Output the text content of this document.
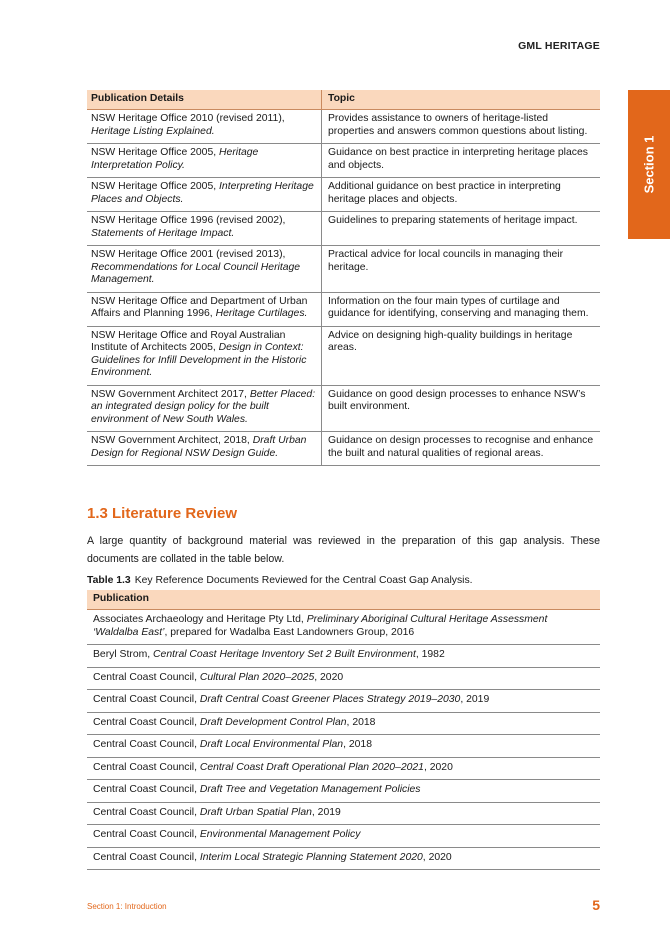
GML HERITAGE
Section 1
Publication Details	Topic
NSW Heritage Office 2010 (revised 2011), Heritage Listing Explained.	Provides assistance to owners of heritage-listed properties and answers common questions about listing.
NSW Heritage Office 2005, Heritage Interpretation Policy.	Guidance on best practice in interpreting heritage places and objects.
NSW Heritage Office 2005, Interpreting Heritage Places and Objects.	Additional guidance on best practice in interpreting heritage places and objects.
NSW Heritage Office 1996 (revised 2002), Statements of Heritage Impact.	Guidelines to preparing statements of heritage impact.
NSW Heritage Office 2001 (revised 2013), Recommendations for Local Council Heritage Management.	Practical advice for local councils in managing their heritage.
NSW Heritage Office and Department of Urban Affairs and Planning 1996, Heritage Curtilages.	Information on the four main types of curtilage and guidance for identifying, conserving and managing them.
NSW Heritage Office and Royal Australian Institute of Architects 2005, Design in Context: Guidelines for Infill Development in the Historic Environment.	Advice on designing high-quality buildings in heritage areas.
NSW Government Architect 2017, Better Placed: an integrated design policy for the built environment of New South Wales.	Guidance on good design processes to enhance NSW’s built environment.
NSW Government Architect, 2018, Draft Urban Design for Regional NSW Design Guide.	Guidance on design processes to recognise and enhance the built and natural qualities of regional areas.
1.3 Literature Review

A large quantity of background material was reviewed in the preparation of this gap analysis. These documents are collated in the table below.

Table 1.3 Key Reference Documents Reviewed for the Central Coast Gap Analysis.

Publication
Associates Archaeology and Heritage Pty Ltd, Preliminary Aboriginal Cultural Heritage Assessment ‘Waldalba East’, prepared for Wadalba East Landowners Group, 2016
Beryl Strom, Central Coast Heritage Inventory Set 2 Built Environment, 1982
Central Coast Council, Cultural Plan 2020–2025, 2020
Central Coast Council, Draft Central Coast Greener Places Strategy 2019–2030, 2019
Central Coast Council, Draft Development Control Plan, 2018
Central Coast Council, Draft Local Environmental Plan, 2018
Central Coast Council, Central Coast Draft Operational Plan 2020–2021, 2020
Central Coast Council, Draft Tree and Vegetation Management Policies
Central Coast Council, Draft Urban Spatial Plan, 2019
Central Coast Council, Environmental Management Policy
Central Coast Council, Interim Local Strategic Planning Statement 2020, 2020
Section 1: Introduction	5
